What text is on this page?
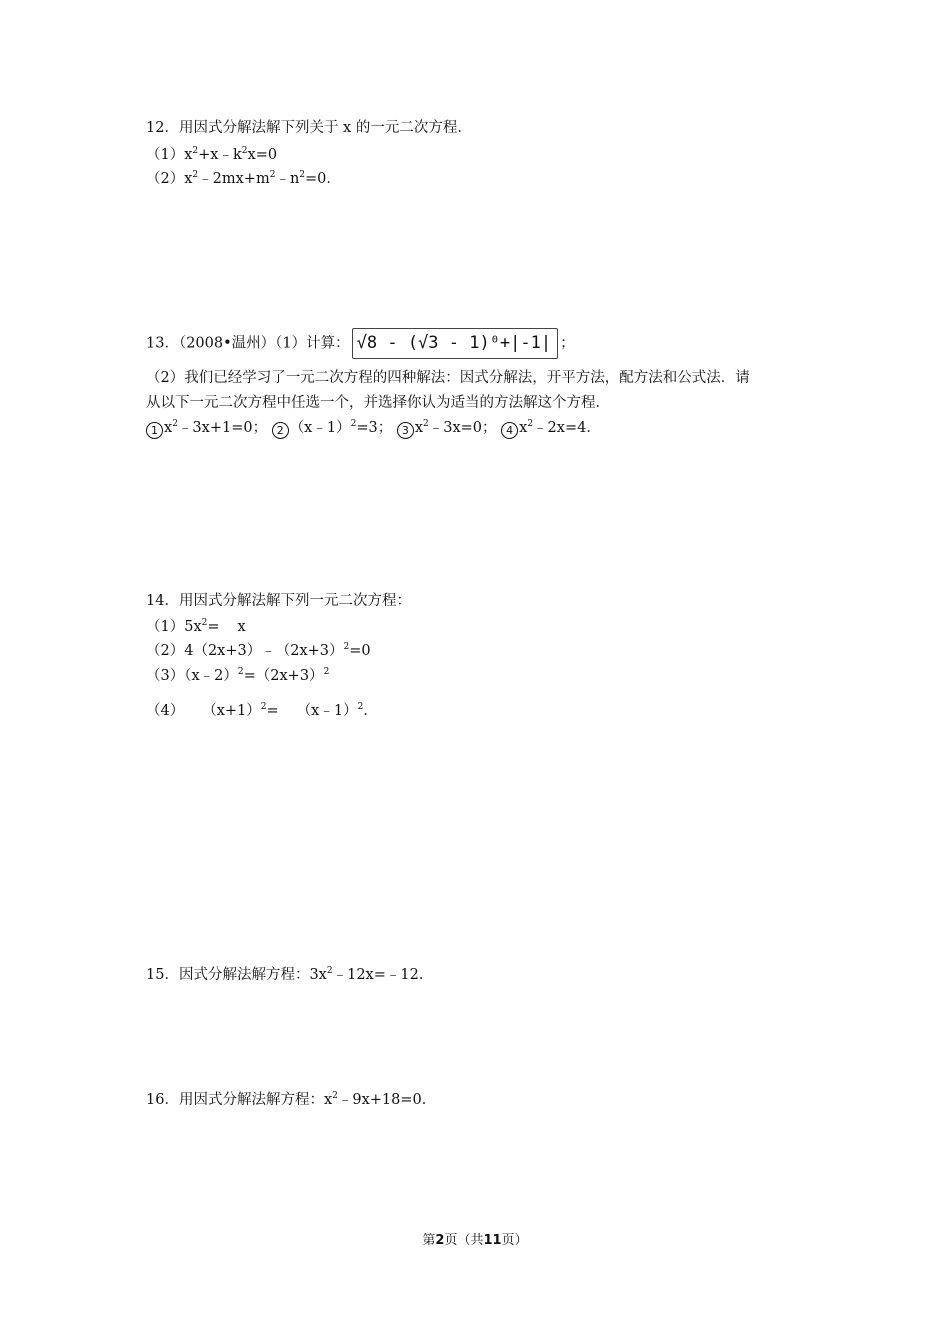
12．用因式分解法解下列关于 x 的一元二次方程．
$(1)x^2+x﹣k^2x=0$
$(2)x^2﹣2mx+m^2﹣n^2=0$．
13．（2008•温州）（1）计算： √8 - (√3 - 1)⁰+|-1| ；
（2）我们已经学习了一元二次方程的四种解法：因式分解法，开平方法，配方法和公式法．请
从以下一元二次方程中任选一个，并选择你认为适当的方法解这个方程．
1 $x^2﹣3x+1=0$； 2 （x﹣1）$^2$=3； 3 $x^2﹣3x=0$； 4 $x^2﹣2x=4$．
14．用因式分解法解下列一元二次方程：
$(1)5x^2= x$
$(2)4(2x+3)﹣(2x+3)^2=0$
$(3)(x﹣2)^2=(2x+3)^2$
（4） $(x+1)^2=$ （x﹣1）$^2$．
15．因式分解法解方程：$3x^2﹣12x=﹣12$．
16．用因式分解法解方程：$x^2﹣9x+18=0$．
第2页（共11页）
